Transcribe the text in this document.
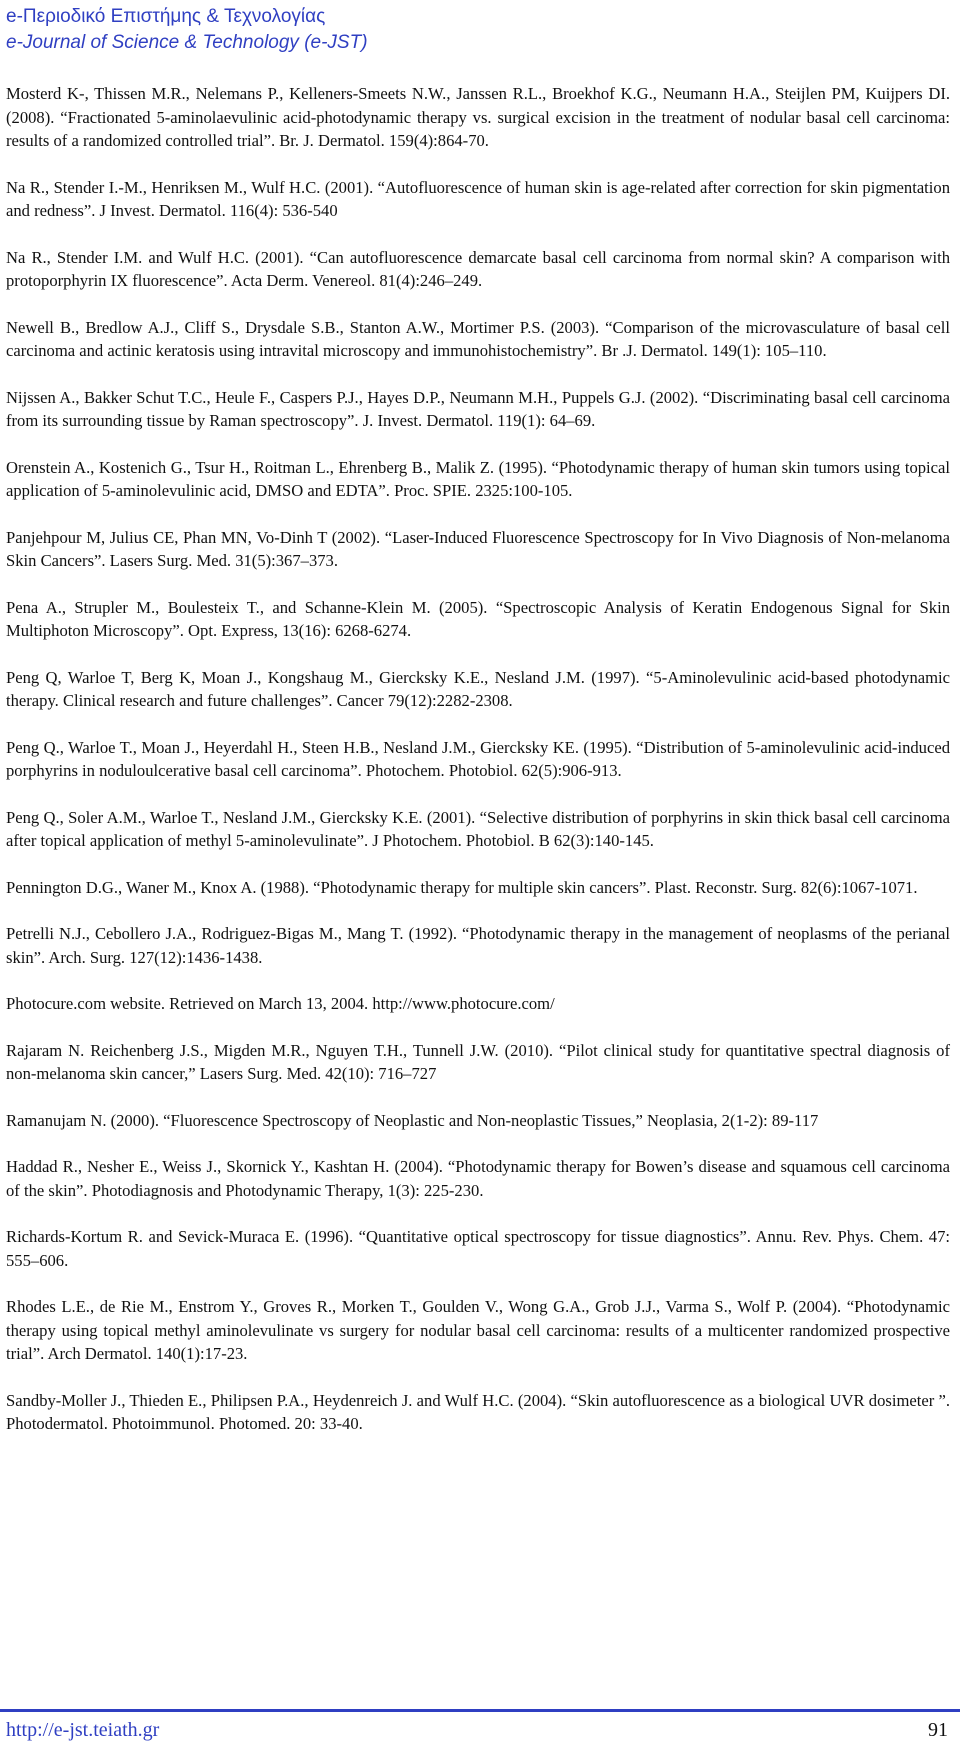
e-Περιοδικό Επιστήμης & Τεχνολογίας
e-Journal of Science & Technology (e-JST)

Mosterd K-, Thissen M.R., Nelemans P., Kelleners-Smeets N.W., Janssen R.L., Broekhof K.G., Neumann H.A., Steijlen PM, Kuijpers DI. (2008). “Fractionated 5-aminolaevulinic acid-photodynamic therapy vs. surgical excision in the treatment of nodular basal cell carcinoma: results of a randomized controlled trial”. Br. J. Dermatol. 159(4):864-70.

Na R., Stender I.-M., Henriksen M., Wulf H.C. (2001). “Autofluorescence of human skin is age-related after correction for skin pigmentation and redness”. J Invest. Dermatol. 116(4): 536-540

Na R., Stender I.M. and Wulf H.C. (2001). “Can autofluorescence demarcate basal cell carcinoma from normal skin? A comparison with protoporphyrin IX fluorescence”. Acta Derm. Venereol. 81(4):246–249.

Newell B., Bredlow A.J., Cliff S., Drysdale S.B., Stanton A.W., Mortimer P.S. (2003). “Comparison of the microvasculature of basal cell carcinoma and actinic keratosis using intravital microscopy and immunohistochemistry”. Br .J. Dermatol. 149(1): 105–110.

Nijssen A., Bakker Schut T.C., Heule F., Caspers P.J., Hayes D.P., Neumann M.H., Puppels G.J. (2002). “Discriminating basal cell carcinoma from its surrounding tissue by Raman spectroscopy”. J. Invest. Dermatol. 119(1): 64–69.

Orenstein A., Kostenich G., Tsur H., Roitman L., Ehrenberg B., Malik Z. (1995). “Photodynamic therapy of human skin tumors using topical application of 5-aminolevulinic acid, DMSO and EDTA”. Proc. SPIE. 2325:100-105.

Panjehpour M, Julius CE, Phan MN, Vo-Dinh T (2002). “Laser-Induced Fluorescence Spectroscopy for In Vivo Diagnosis of Non-melanoma Skin Cancers”. Lasers Surg. Med. 31(5):367–373.

Pena A., Strupler M., Boulesteix T., and Schanne-Klein M. (2005). “Spectroscopic Analysis of Keratin Endogenous Signal for Skin Multiphoton Microscopy”. Opt. Express, 13(16): 6268-6274.

Peng Q, Warloe T, Berg K, Moan J., Kongshaug M., Giercksky K.E., Nesland J.M. (1997). “5-Aminolevulinic acid-based photodynamic therapy. Clinical research and future challenges”. Cancer 79(12):2282-2308.

Peng Q., Warloe T., Moan J., Heyerdahl H., Steen H.B., Nesland J.M., Giercksky KE. (1995). “Distribution of 5-aminolevulinic acid-induced porphyrins in noduloulcerative basal cell carcinoma”. Photochem. Photobiol. 62(5):906-913.

Peng Q., Soler A.M., Warloe T., Nesland J.M., Giercksky K.E. (2001). “Selective distribution of porphyrins in skin thick basal cell carcinoma after topical application of methyl 5-aminolevulinate”. J Photochem. Photobiol. B 62(3):140-145.

Pennington D.G., Waner M., Knox A. (1988). “Photodynamic therapy for multiple skin cancers”. Plast. Reconstr. Surg. 82(6):1067-1071.

Petrelli N.J., Cebollero J.A., Rodriguez-Bigas M., Mang T. (1992). “Photodynamic therapy in the management of neoplasms of the perianal skin”. Arch. Surg. 127(12):1436-1438.

Photocure.com website. Retrieved on March 13, 2004. http://www.photocure.com/

Rajaram N. Reichenberg J.S., Migden M.R., Nguyen T.H., Tunnell J.W. (2010). “Pilot clinical study for quantitative spectral diagnosis of non-melanoma skin cancer,” Lasers Surg. Med. 42(10): 716–727

Ramanujam N. (2000). “Fluorescence Spectroscopy of Neoplastic and Non-neoplastic Tissues,” Neoplasia, 2(1-2): 89-117

Haddad R., Nesher E., Weiss J., Skornick Y., Kashtan H. (2004). “Photodynamic therapy for Bowen’s disease and squamous cell carcinoma of the skin”. Photodiagnosis and Photodynamic Therapy, 1(3): 225-230.

Richards-Kortum R. and Sevick-Muraca E. (1996). “Quantitative optical spectroscopy for tissue diagnostics”. Annu. Rev. Phys. Chem. 47: 555–606.

Rhodes L.E., de Rie M., Enstrom Y., Groves R., Morken T., Goulden V., Wong G.A., Grob J.J., Varma S., Wolf P. (2004). “Photodynamic therapy using topical methyl aminolevulinate vs surgery for nodular basal cell carcinoma: results of a multicenter randomized prospective trial”. Arch Dermatol. 140(1):17-23.

Sandby-Moller J., Thieden E., Philipsen P.A., Heydenreich J. and Wulf H.C. (2004). “Skin autofluorescence as a biological UVR dosimeter ”. Photodermatol. Photoimmunol. Photomed. 20: 33-40.

http://e-jst.teiath.gr	91
